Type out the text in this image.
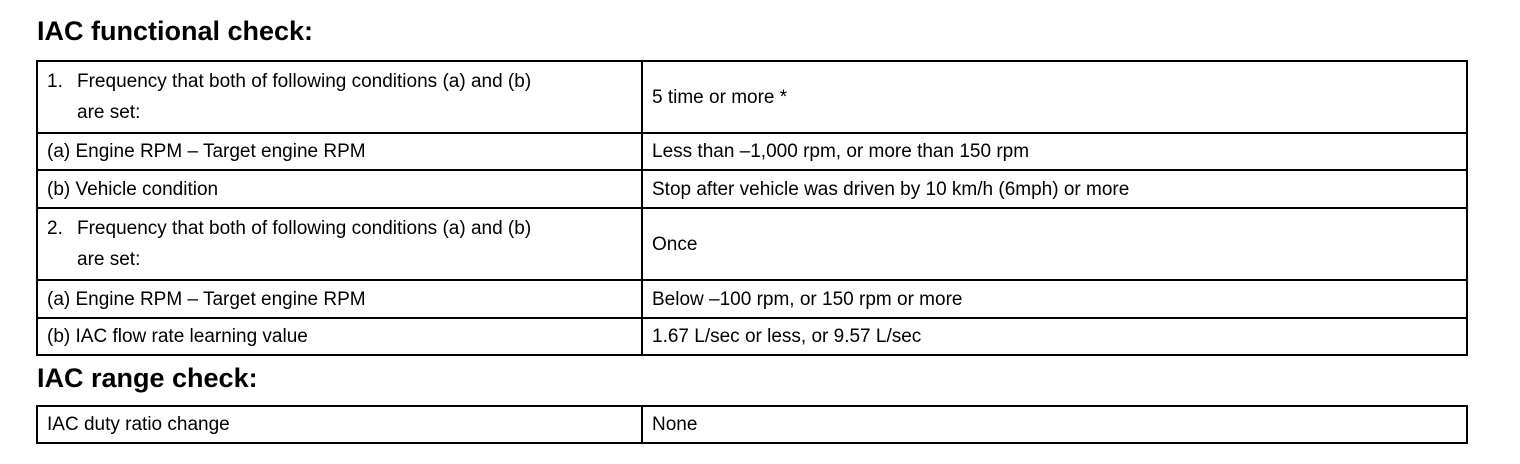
IAC functional check:
1. Frequency that both of following conditions (a) and (b)
are set:	5 time or more *
(a) Engine RPM – Target engine RPM	Less than –1,000 rpm, or more than 150 rpm
(b) Vehicle condition	Stop after vehicle was driven by 10 km/h (6mph) or more

2. Frequency that both of following conditions (a) and (b)
are set:	Once
(a) Engine RPM – Target engine RPM	Below –100 rpm, or 150 rpm or more
(b) IAC flow rate learning value	1.67 L/sec or less, or 9.57 L/sec
IAC range check:
IAC duty ratio change	None
